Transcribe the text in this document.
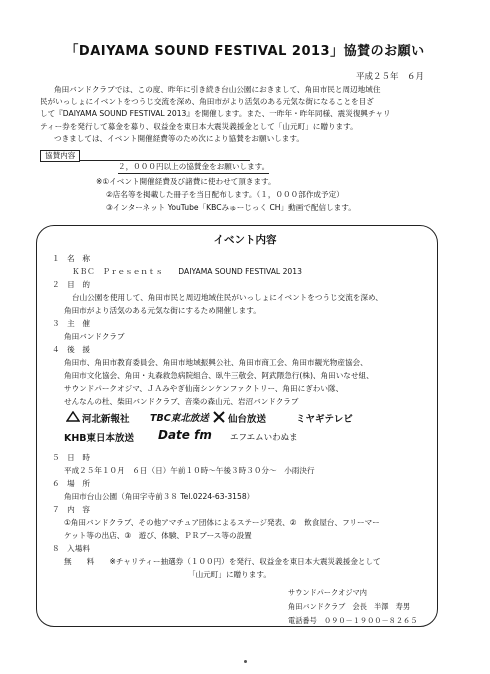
「DAIYAMA SOUND FESTIVAL 2013」協賛のお願い
平成２５年　６月
角田バンドクラブでは、この度、昨年に引き続き台山公園におきまして、角田市民と周辺地域住
民がいっしょにイベントをつうじ交流を深め、角田市がより活気のある元気な街になることを目ざ
して『DAIYAMA SOUND FESTIVAL 2013』を開催します。また、一昨年・昨年同様、震災復興チャリ
ティー券を発行して募金を募り、収益金を東日本大震災義援金として「山元町」に贈ります。
つきましては、イベント開催経費等のため次により協賛をお願いします。
協賛内容
２，０００円以上の協賛金をお願いします。
※①イベント開催経費及び諸費に使わせて頂きます。
②店名等を掲載した冊子を当日配布します。（１，０００部作成予定）
③インターネット YouTube「KBCみゅーじっく CH」動画で配信します。
イベント内容
１　名　称
ＫＢＣ　Ｐｒｅｓｅｎｔｓ　　DAIYAMA SOUND FESTIVAL 2013
２　目　的
台山公園を使用して、角田市民と周辺地域住民がいっしょにイベントをつうじ交流を深め、
角田市がより活気のある元気な街にするため開催します。
３　主　催
角田バンドクラブ
４　後　援
角田市、角田市教育委員会、角田市地域振興公社、角田市商工会、角田市観光物産協会、
角田市文化協会、角田・丸森救急病院組合、臥牛三敬会、阿武隈急行(株)、角田いなせ組、
サウンドパークオジマ、ＪＡみやぎ仙南シンケンファクトリー、角田にぎわい隊、
せんなんの杜、柴田バンドクラブ、音楽の森山元、岩沼バンドクラブ
河北新報社 TBC東北放送 仙台放送	ミヤギテレビ
KHB東日本放送 Date fm エフエムいわぬま
５　日　時
平成２５年１０月　６日（日）午前１０時～午後３時３０分～　小雨決行
６　場　所
角田市台山公園（角田字寺前３８ Tel.0224-63-3158）
７　内　容
①角田バンドクラブ、その他アマチュア団体によるステージ発表、②　飲食屋台、フリーマー
ケット等の出店、③　遊び、体験、ＰＲブース等の設置
８　入場料
無　　料　　※チャリティー抽選券（１００円）を発行、収益金を東日本大震災義援金として
「山元町」に贈ります。
サウンドパークオジマ内
角田バンドクラブ　会長　半澤　寿男
電話番号　０９０－１９００－８２６５
